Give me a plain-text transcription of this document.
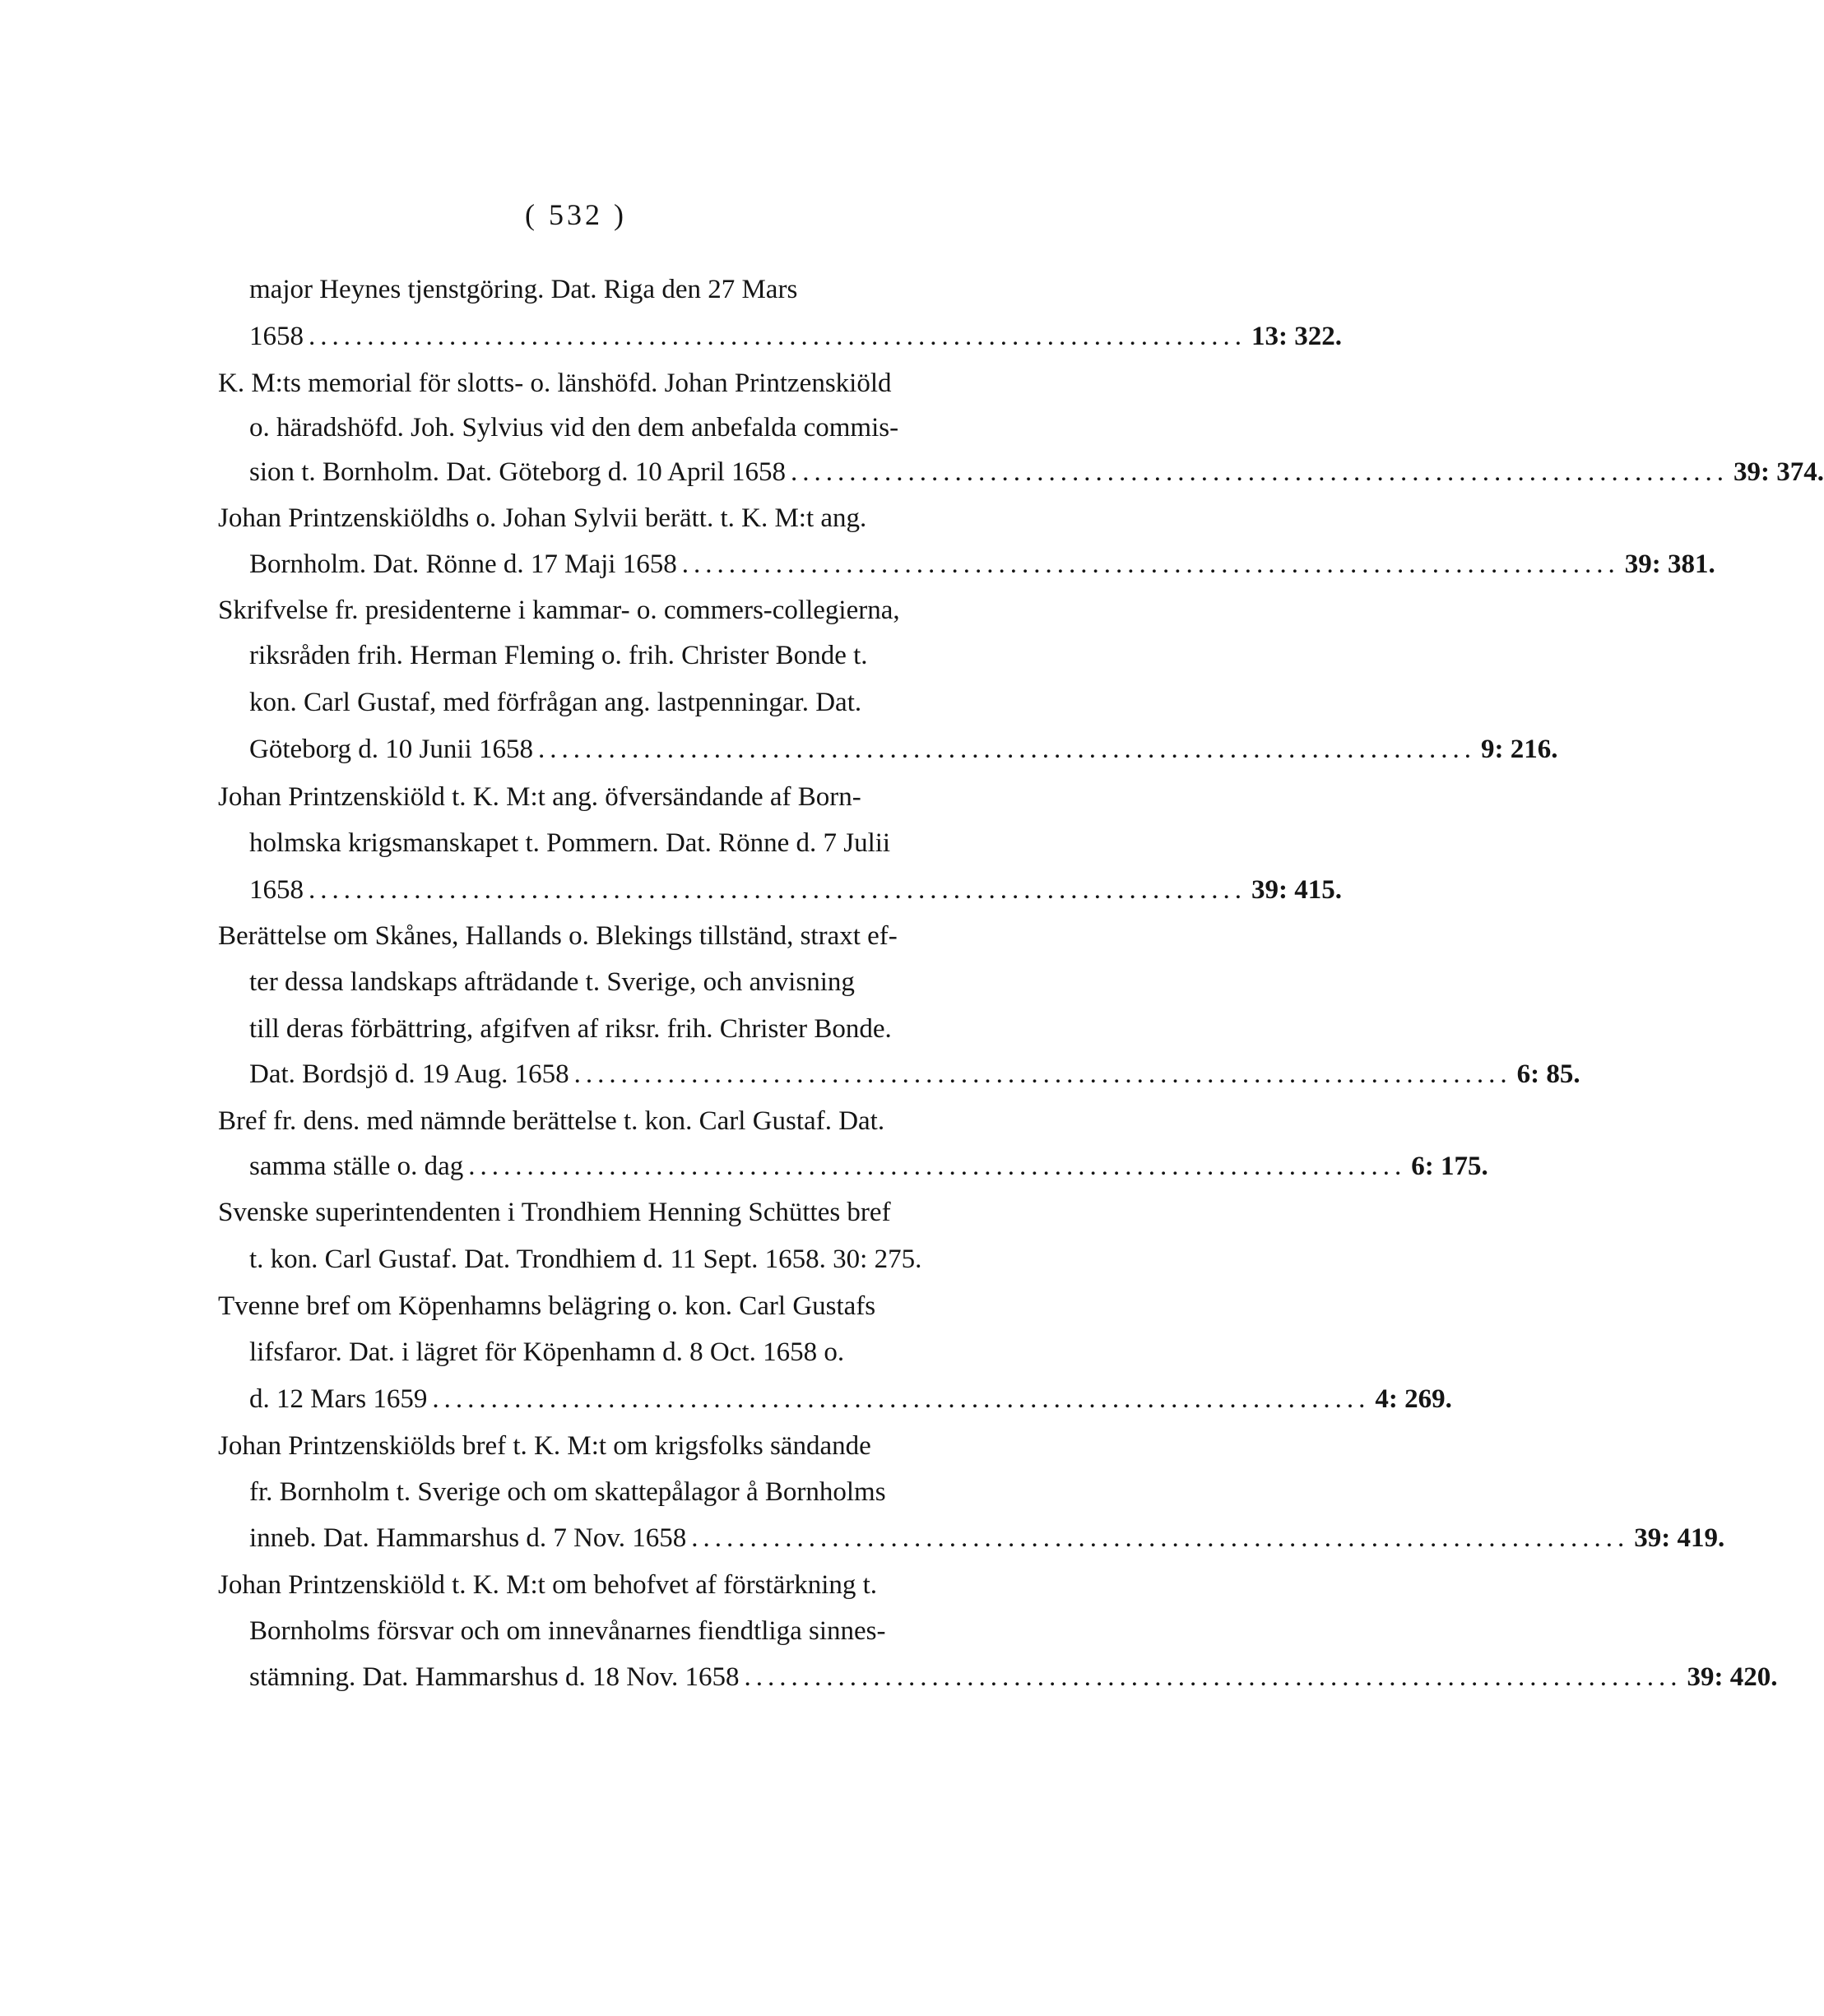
( 532 )
major Heynes tjenstgöring. Dat. Riga den 27 Mars
1658 ................................................................................ 13: 322.
K. M:ts memorial för slotts- o. länshöfd. Johan Printzenskiöld
o. häradshöfd. Joh. Sylvius vid den dem anbefalda commis-
sion t. Bornholm. Dat. Göteborg d. 10 April 1658 ................................................................................ 39: 374.
Johan Printzenskiöldhs o. Johan Sylvii berätt. t. K. M:t ang.
Bornholm. Dat. Rönne d. 17 Maji 1658 ................................................................................ 39: 381.
Skrifvelse fr. presidenterne i kammar- o. commers-collegierna,
riksråden frih. Herman Fleming o. frih. Christer Bonde t.
kon. Carl Gustaf, med förfrågan ang. lastpenningar. Dat.
Göteborg d. 10 Junii 1658 ................................................................................ 9: 216.
Johan Printzenskiöld t. K. M:t ang. öfversändande af Born-
holmska krigsmanskapet t. Pommern. Dat. Rönne d. 7 Julii
1658 ................................................................................ 39: 415.
Berättelse om Skånes, Hallands o. Blekings tillständ, straxt ef-
ter dessa landskaps afträdande t. Sverige, och anvisning
till deras förbättring, afgifven af riksr. frih. Christer Bonde.
Dat. Bordsjö d. 19 Aug. 1658 ................................................................................ 6: 85.
Bref fr. dens. med nämnde berättelse t. kon. Carl Gustaf. Dat.
samma ställe o. dag ................................................................................ 6: 175.
Svenske superintendenten i Trondhiem Henning Schüttes bref
t. kon. Carl Gustaf. Dat. Trondhiem d. 11 Sept. 1658. 30: 275.
Tvenne bref om Köpenhamns belägring o. kon. Carl Gustafs
lifsfaror. Dat. i lägret för Köpenhamn d. 8 Oct. 1658 o.
d. 12 Mars 1659 ................................................................................ 4: 269.
Johan Printzenskiölds bref t. K. M:t om krigsfolks sändande
fr. Bornholm t. Sverige och om skattepålagor å Bornholms
inneb. Dat. Hammarshus d. 7 Nov. 1658 ................................................................................ 39: 419.
Johan Printzenskiöld t. K. M:t om behofvet af förstärkning t.
Bornholms försvar och om innevånarnes fiendtliga sinnes-
stämning. Dat. Hammarshus d. 18 Nov. 1658 ................................................................................ 39: 420.
